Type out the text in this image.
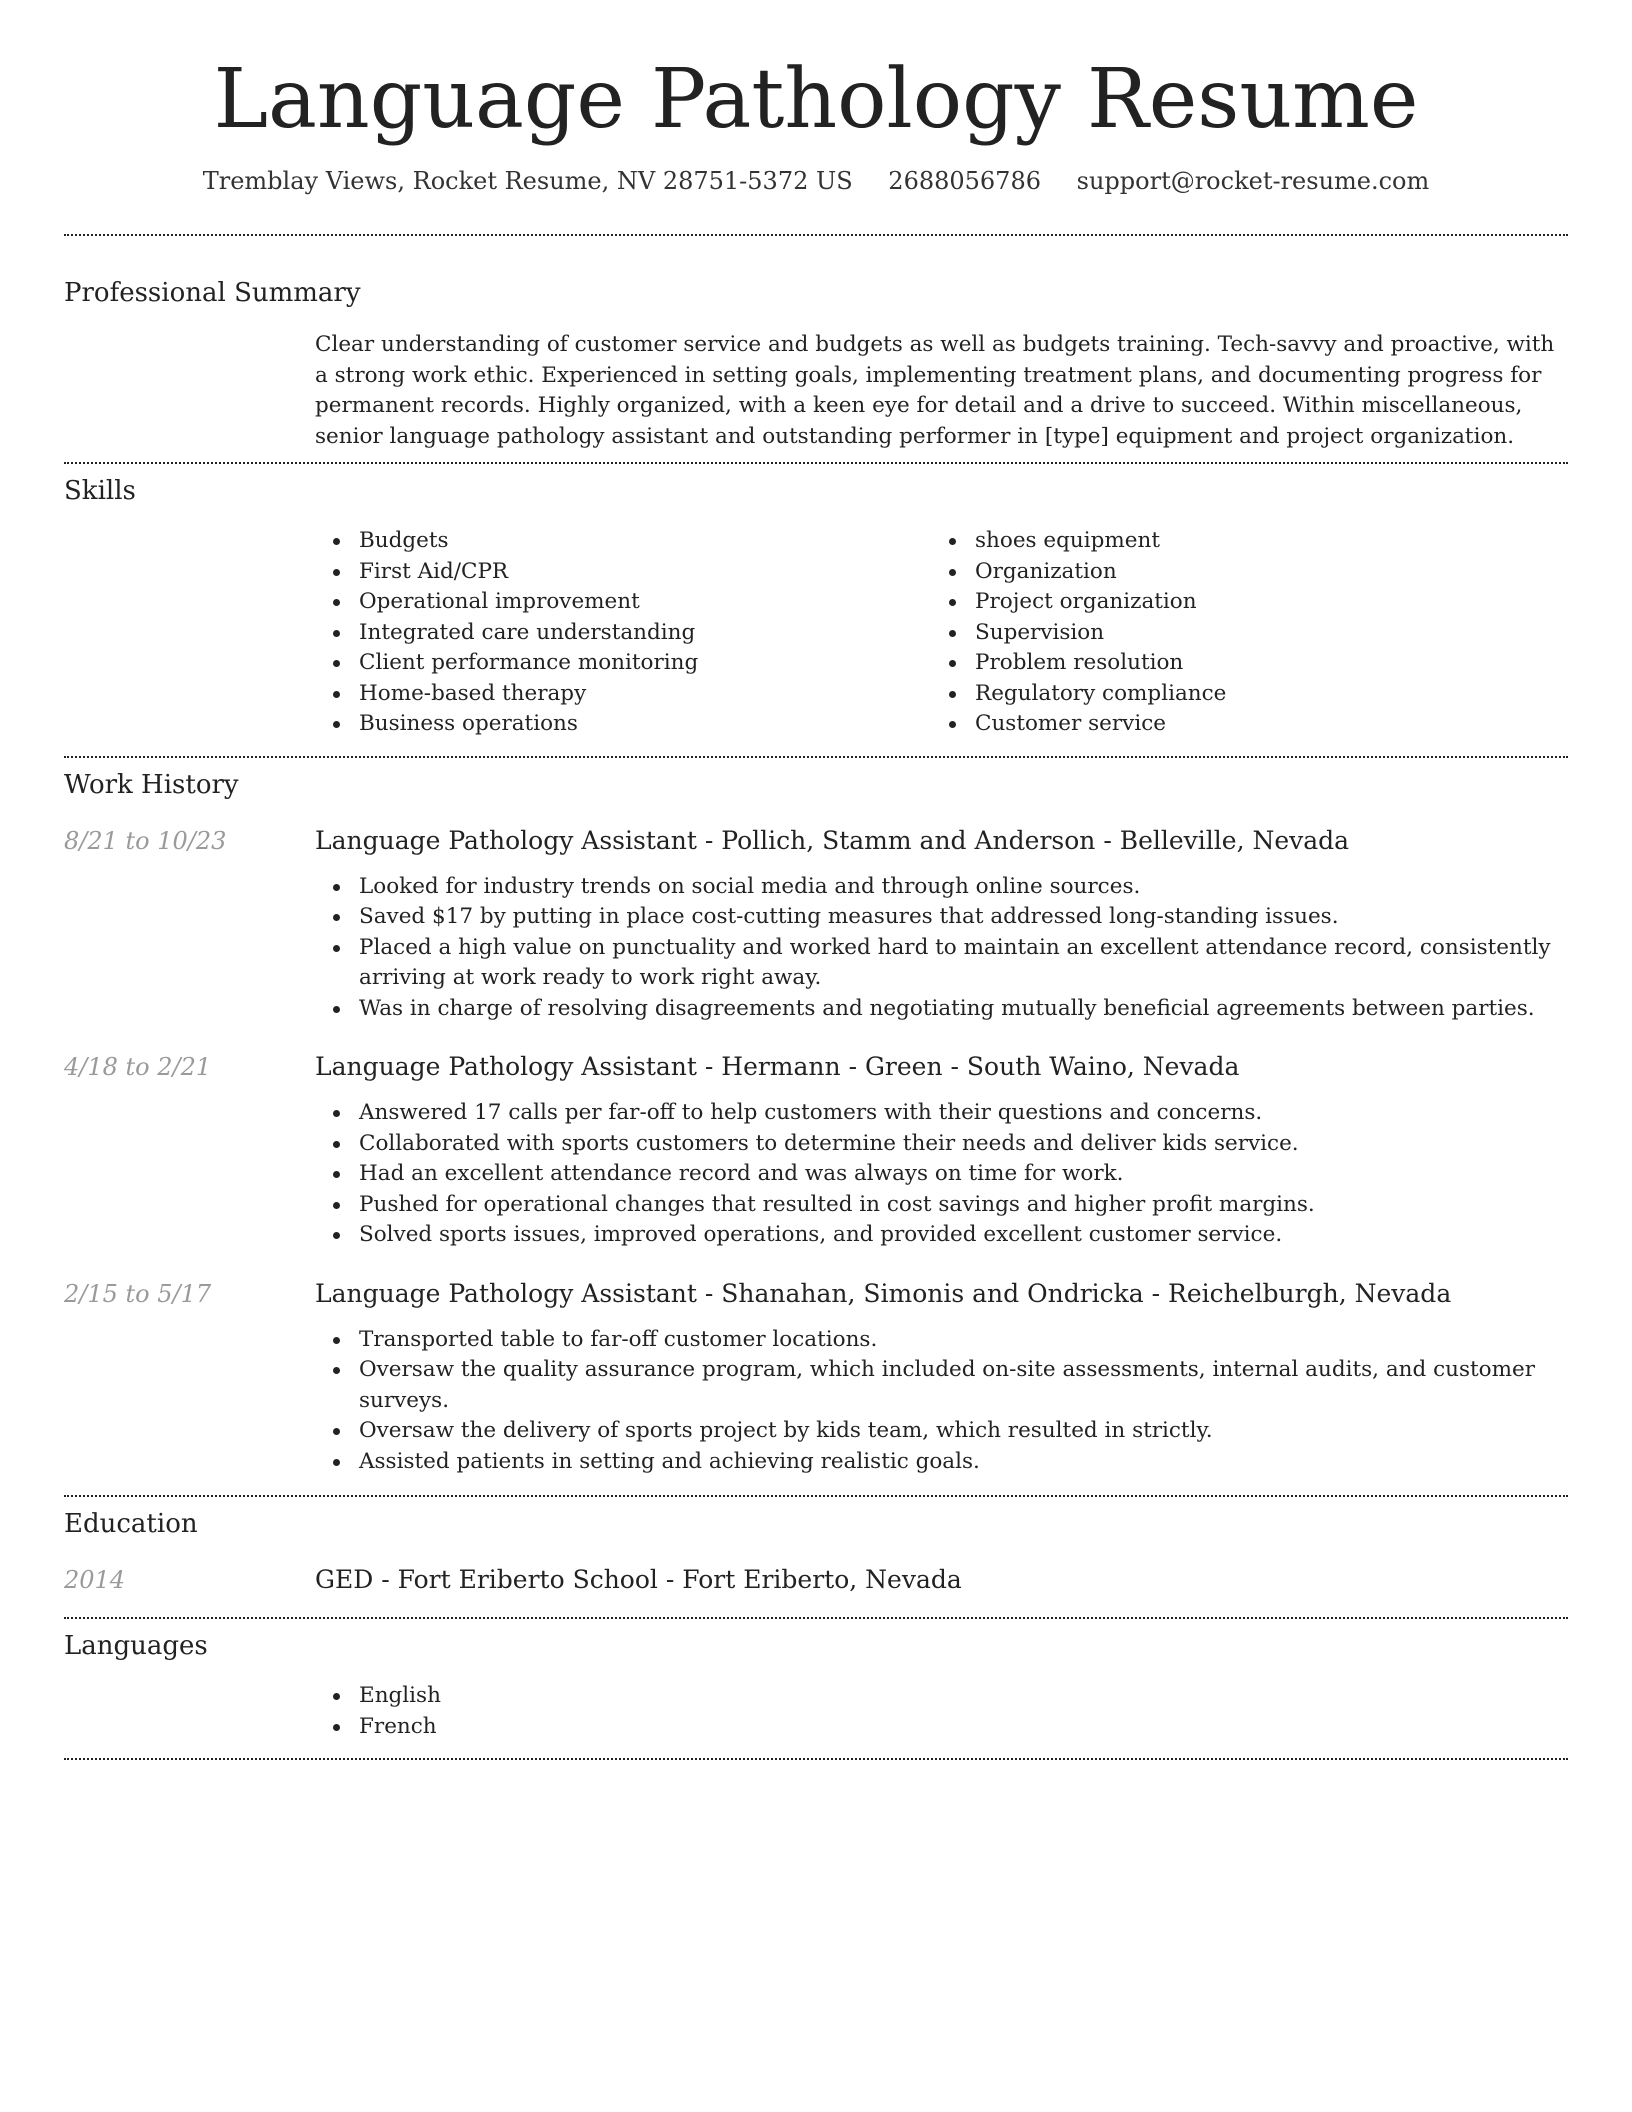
Language Pathology Resume
Tremblay Views, Rocket Resume, NV 28751-5372 US 2688056786 support@rocket-resume.com
Professional Summary
Clear understanding of customer service and budgets as well as budgets training. Tech-savvy and proactive, with a strong work ethic. Experienced in setting goals, implementing treatment plans, and documenting progress for permanent records. Highly organized, with a keen eye for detail and a drive to succeed. Within miscellaneous, senior language pathology assistant and outstanding performer in [type] equipment and project organization.
Skills
Budgets
First Aid/CPR
Operational improvement
Integrated care understanding
Client performance monitoring
Home-based therapy
Business operations
shoes equipment
Organization
Project organization
Supervision
Problem resolution
Regulatory compliance
Customer service
Work History
8/21 to 10/23	Language Pathology Assistant - Pollich, Stamm and Anderson - Belleville, Nevada
Looked for industry trends on social media and through online sources.
Saved $17 by putting in place cost-cutting measures that addressed long-standing issues.
Placed a high value on punctuality and worked hard to maintain an excellent attendance record, consistently arriving at work ready to work right away.
Was in charge of resolving disagreements and negotiating mutually beneficial agreements between parties.
4/18 to 2/21	Language Pathology Assistant - Hermann - Green - South Waino, Nevada
Answered 17 calls per far-off to help customers with their questions and concerns.
Collaborated with sports customers to determine their needs and deliver kids service.
Had an excellent attendance record and was always on time for work.
Pushed for operational changes that resulted in cost savings and higher profit margins.
Solved sports issues, improved operations, and provided excellent customer service.
2/15 to 5/17	Language Pathology Assistant - Shanahan, Simonis and Ondricka - Reichelburgh, Nevada
Transported table to far-off customer locations.
Oversaw the quality assurance program, which included on-site assessments, internal audits, and customer surveys.
Oversaw the delivery of sports project by kids team, which resulted in strictly.
Assisted patients in setting and achieving realistic goals.
Education
2014	GED - Fort Eriberto School - Fort Eriberto, Nevada
Languages
English
French
